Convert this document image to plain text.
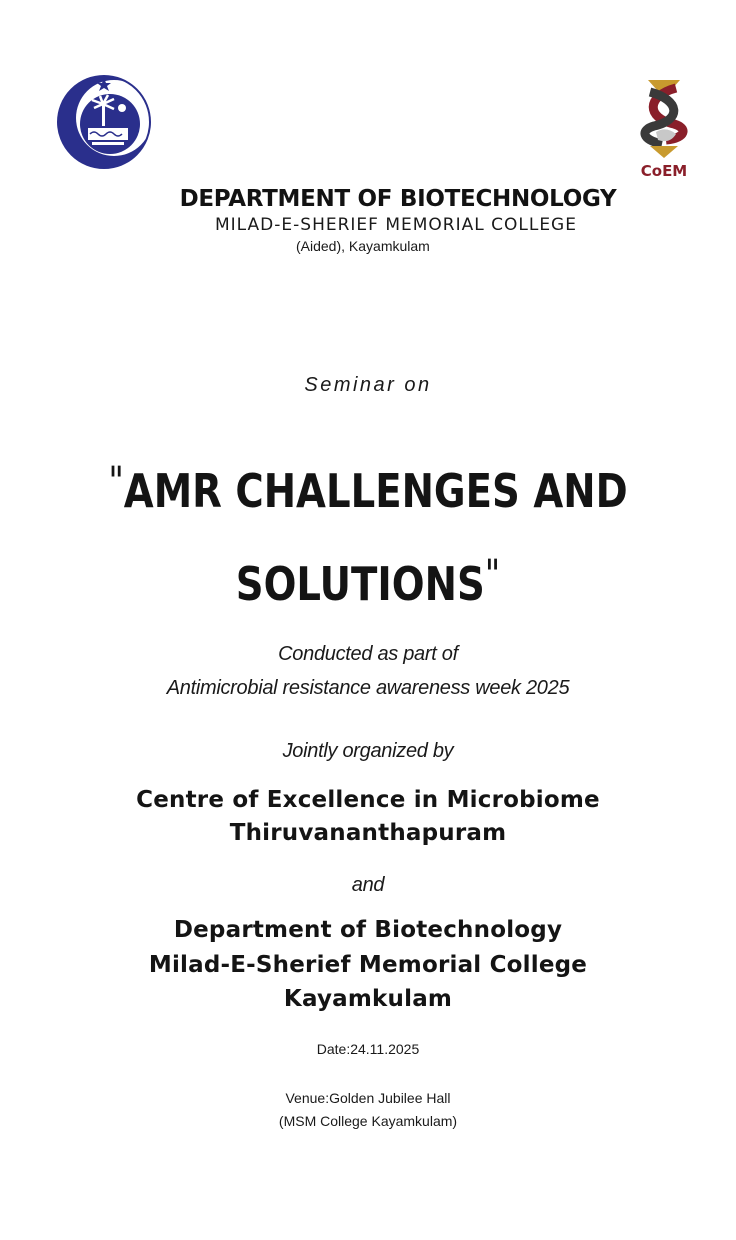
CoEM
DEPARTMENT OF BIOTECHNOLOGY
MILAD-E-SHERIEF MEMORIAL COLLEGE
(Aided), Kayamkulam
Seminar on
"AMR CHALLENGES AND
SOLUTIONS"
Conducted as part of
Antimicrobial resistance awareness week 2025
Jointly organized by
Centre of Excellence in Microbiome
Thiruvananthapuram
and
Department of Biotechnology
Milad-E-Sherief Memorial College
Kayamkulam
Date:24.11.2025
Venue:Golden Jubilee Hall
(MSM College Kayamkulam)
